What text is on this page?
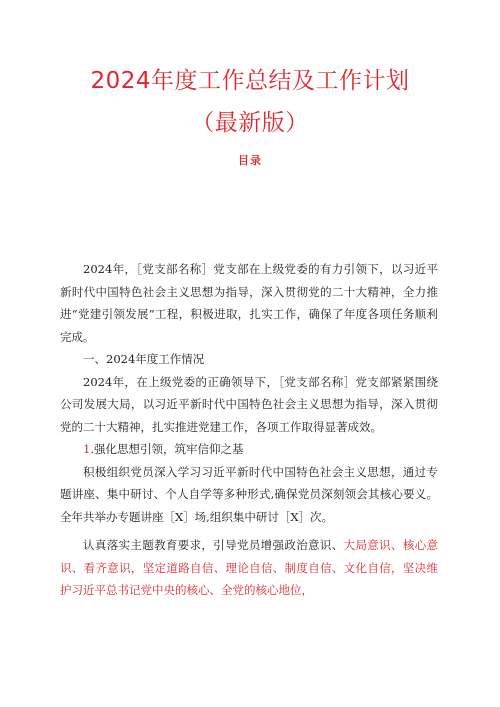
2024年度工作总结及工作计划
（最新版）
目录

2024年，［党支部名称］党支部在上级党委的有力引领下，以习近平新时代中国特色社会主义思想为指导，深入贯彻党的二十大精神，全力推进“党建引领发展”工程，积极进取，扎实工作，确保了年度各项任务顺利完成。

一、2024年度工作情况

2024年，在上级党委的正确领导下，［党支部名称］党支部紧紧围绕公司发展大局，以习近平新时代中国特色社会主义思想为指导，深入贯彻党的二十大精神，扎实推进党建工作，各项工作取得显著成效。

1.强化思想引领，筑牢信仰之基

积极组织党员深入学习习近平新时代中国特色社会主义思想，通过专题讲座、集中研讨、个人自学等多种形式,确保党员深刻领会其核心要义。全年共举办专题讲座［X］场,组织集中研讨［X］次。

认真落实主题教育要求，引导党员增强政治意识、大局意识、核心意识、看齐意识，坚定道路自信、理论自信、制度自信、文化自信，坚决维护习近平总书记党中央的核心、全党的核心地位，
